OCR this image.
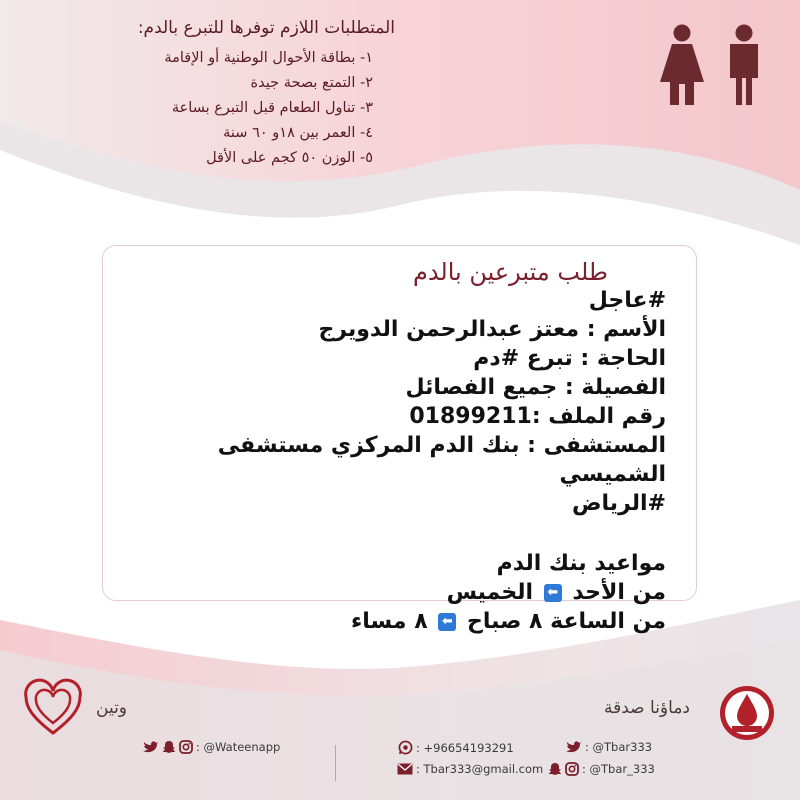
المتطلبات اللازم توفرها للتبرع بالدم:
١- بطاقة الأحوال الوطنية أو الإقامة
٢- التمتع بصحة جيدة
٣- تناول الطعام قبل التبرع بساعة
٤- العمر بين ١٨و ٦٠ سنة
٥- الوزن ٥٠ كجم على الأقل
طلب متبرعين بالدم
#عاجل
الأسم : معتز عبدالرحمن الدويرج
الحاجة : تبرع #دم
الفصيلة : جميع الفصائل
رقم الملف :01899211
المستشفى : بنك الدم المركزي مستشفى الشميسي
#الرياض
مواعيد بنك الدم
من الأحد ⬅ الخميس
من الساعة ٨ صباح ⬅ ٨ مساء
دماؤنا صدقة
وتين
: @Tbar333
: +96654193291
: @Tbar_333
: Tbar333@gmail.com
: @Wateenapp
